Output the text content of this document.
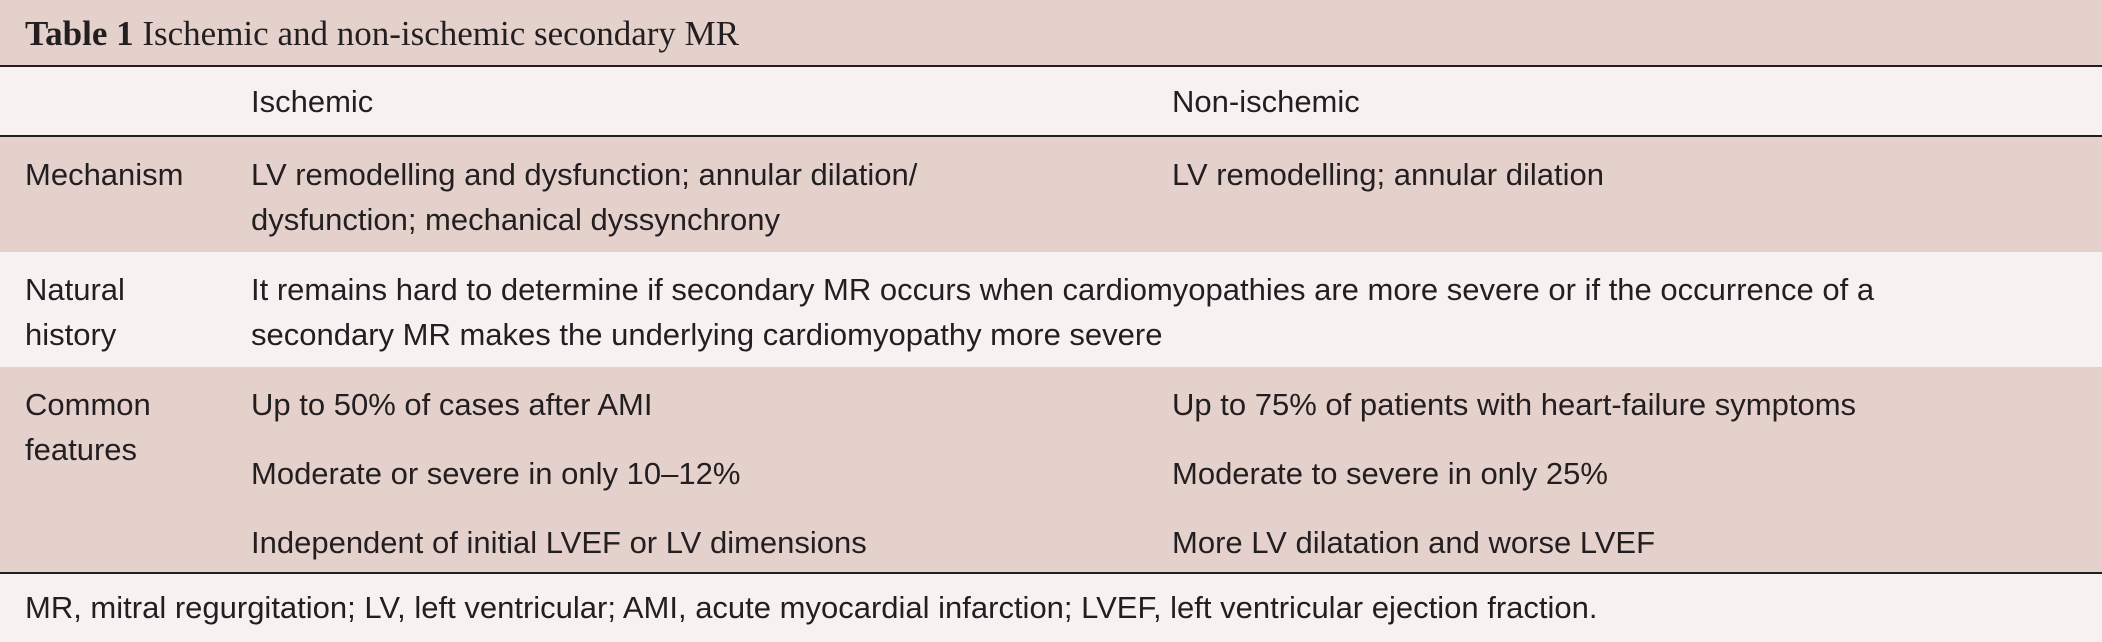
Table 1 Ischemic and non-ischemic secondary MR
Ischemic	Non-ischemic
Mechanism	LV remodelling and dysfunction; annular dilation/
dysfunction; mechanical dyssynchrony
LV remodelling; annular dilation
Natural
history
It remains hard to determine if secondary MR occurs when cardiomyopathies are more severe or if the occurrence of a
secondary MR makes the underlying cardiomyopathy more severe
Common
features
Up to 50% of cases after AMI
Moderate or severe in only 10–12%
Independent of initial LVEF or LV dimensions
Up to 75% of patients with heart-failure symptoms
Moderate to severe in only 25%
More LV dilatation and worse LVEF
MR, mitral regurgitation; LV, left ventricular; AMI, acute myocardial infarction; LVEF, left ventricular ejection fraction.
